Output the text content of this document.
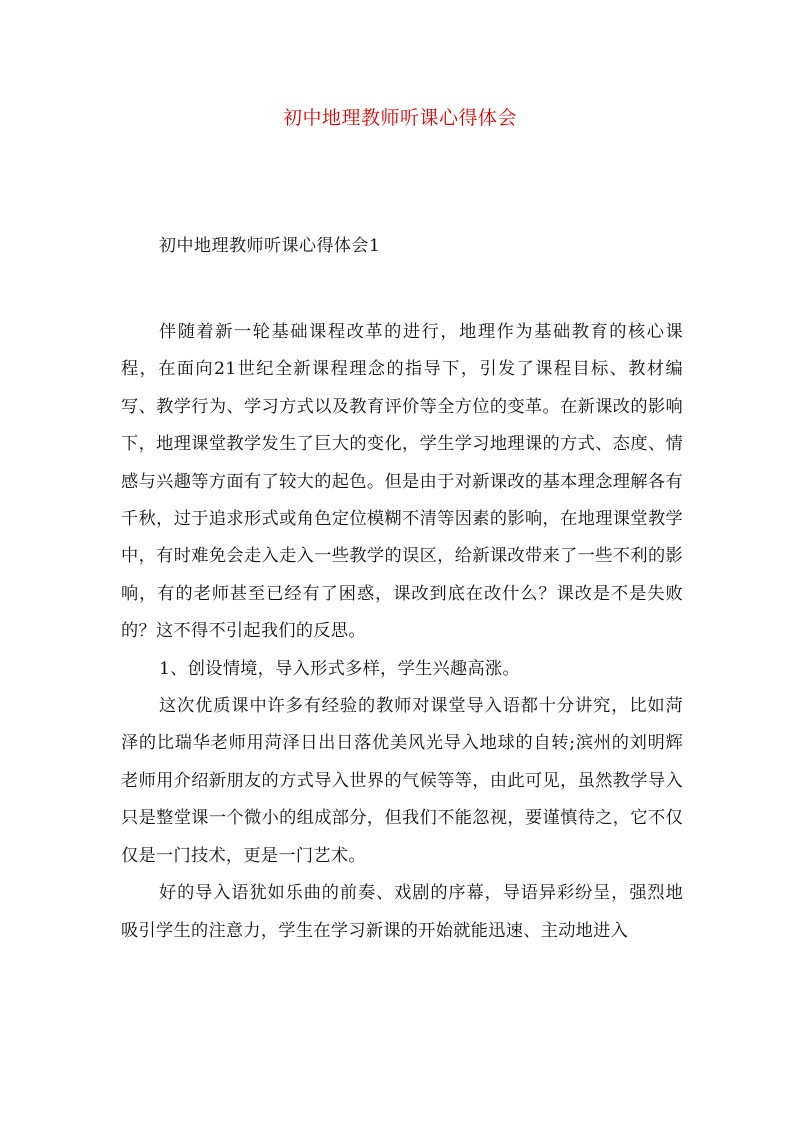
初中地理教师听课心得体会
初中地理教师听课心得体会1

伴随着新一轮基础课程改革的进行，地理作为基础教育的核心课程，在面向21世纪全新课程理念的指导下，引发了课程目标、教材编写、教学行为、学习方式以及教育评价等全方位的变革。在新课改的影响下，地理课堂教学发生了巨大的变化，学生学习地理课的方式、态度、情感与兴趣等方面有了较大的起色。但是由于对新课改的基本理念理解各有千秋，过于追求形式或角色定位模糊不清等因素的影响，在地理课堂教学中，有时难免会走入走入一些教学的误区，给新课改带来了一些不利的影响，有的老师甚至已经有了困惑，课改到底在改什么？课改是不是失败的？这不得不引起我们的反思。

1、创设情境，导入形式多样，学生兴趣高涨。

这次优质课中许多有经验的教师对课堂导入语都十分讲究，比如菏泽的比瑞华老师用菏泽日出日落优美风光导入地球的自转;滨州的刘明辉老师用介绍新朋友的方式导入世界的气候等等，由此可见，虽然教学导入只是整堂课一个微小的组成部分，但我们不能忽视，要谨慎待之，它不仅仅是一门技术，更是一门艺术。

好的导入语犹如乐曲的前奏、戏剧的序幕，导语异彩纷呈，强烈地吸引学生的注意力，学生在学习新课的开始就能迅速、主动地进入
